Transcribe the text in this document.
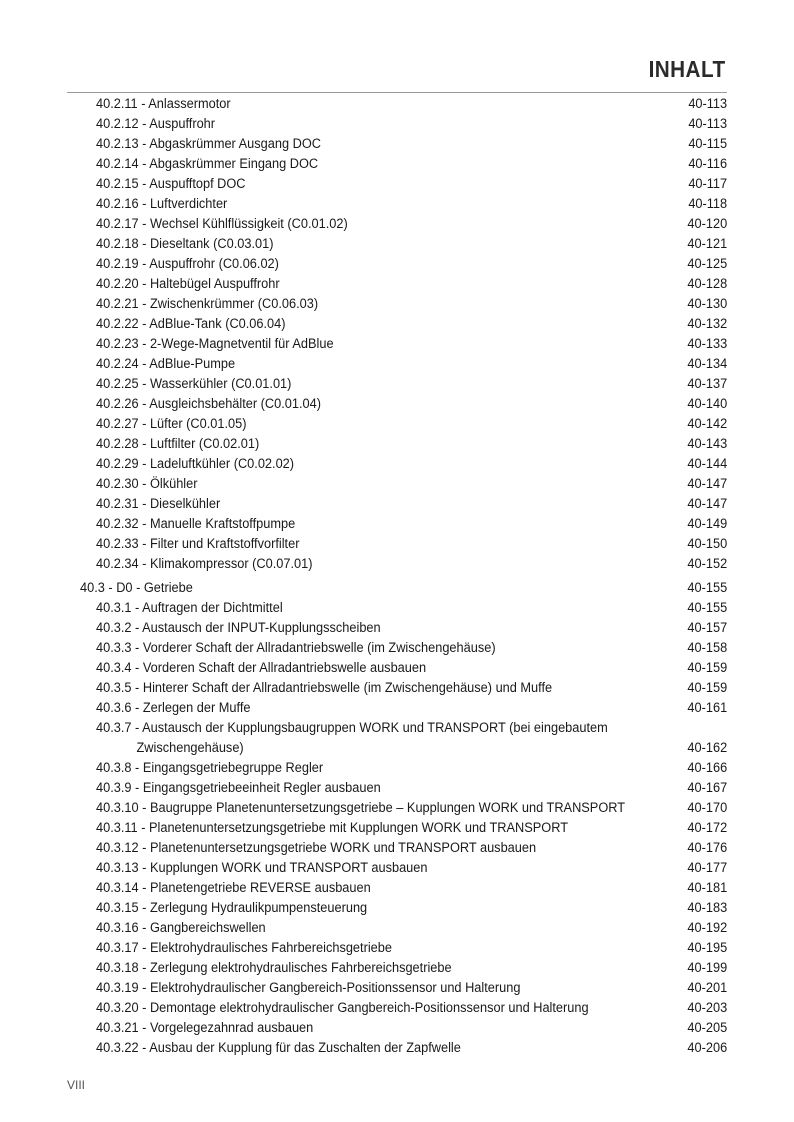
INHALT
40.2.11 - Anlassermotor	40-113
40.2.12 - Auspuffrohr	40-113
40.2.13 - Abgaskrümmer Ausgang DOC	40-115
40.2.14 - Abgaskrümmer Eingang DOC	40-116
40.2.15 - Auspufftopf DOC	40-117
40.2.16 - Luftverdichter	40-118
40.2.17 - Wechsel Kühlflüssigkeit (C0.01.02)	40-120
40.2.18 - Dieseltank (C0.03.01)	40-121
40.2.19 - Auspuffrohr (C0.06.02)	40-125
40.2.20 - Haltebügel Auspuffrohr	40-128
40.2.21 - Zwischenkrümmer (C0.06.03)	40-130
40.2.22 - AdBlue-Tank (C0.06.04)	40-132
40.2.23 - 2-Wege-Magnetventil für AdBlue	40-133
40.2.24 - AdBlue-Pumpe	40-134
40.2.25 - Wasserkühler (C0.01.01)	40-137
40.2.26 - Ausgleichsbehälter (C0.01.04)	40-140
40.2.27 - Lüfter (C0.01.05)	40-142
40.2.28 - Luftfilter (C0.02.01)	40-143
40.2.29 - Ladeluftkühler (C0.02.02)	40-144
40.2.30 - Ölkühler	40-147
40.2.31 - Dieselkühler	40-147
40.2.32 - Manuelle Kraftstoffpumpe	40-149
40.2.33 - Filter und Kraftstoffvorfilter	40-150
40.2.34 - Klimakompressor (C0.07.01)	40-152
40.3 - D0 - Getriebe	40-155
40.3.1 - Auftragen der Dichtmittel	40-155
40.3.2 - Austausch der INPUT-Kupplungsscheiben	40-157
40.3.3 - Vorderer Schaft der Allradantriebswelle (im Zwischengehäuse)	40-158
40.3.4 - Vorderen Schaft der Allradantriebswelle ausbauen	40-159
40.3.5 - Hinterer Schaft der Allradantriebswelle (im Zwischengehäuse) und Muffe	40-159
40.3.6 - Zerlegen der Muffe	40-161
40.3.7 - Austausch der Kupplungsbaugruppen WORK und TRANSPORT (bei eingebautem
Zwischengehäuse)	40-162
40.3.8 - Eingangsgetriebegruppe Regler	40-166
40.3.9 - Eingangsgetriebeeinheit Regler ausbauen	40-167
40.3.10 - Baugruppe Planetenuntersetzungsgetriebe – Kupplungen WORK und TRANSPORT	40-170
40.3.11 - Planetenuntersetzungsgetriebe mit Kupplungen WORK und TRANSPORT	40-172
40.3.12 - Planetenuntersetzungsgetriebe WORK und TRANSPORT ausbauen	40-176
40.3.13 - Kupplungen WORK und TRANSPORT ausbauen	40-177
40.3.14 - Planetengetriebe REVERSE ausbauen	40-181
40.3.15 - Zerlegung Hydraulikpumpensteuerung	40-183
40.3.16 - Gangbereichswellen	40-192
40.3.17 - Elektrohydraulisches Fahrbereichsgetriebe	40-195
40.3.18 - Zerlegung elektrohydraulisches Fahrbereichsgetriebe	40-199
40.3.19 - Elektrohydraulischer Gangbereich-Positionssensor und Halterung	40-201
40.3.20 - Demontage elektrohydraulischer Gangbereich-Positionssensor und Halterung	40-203
40.3.21 - Vorgelegezahnrad ausbauen	40-205
40.3.22 - Ausbau der Kupplung für das Zuschalten der Zapfwelle	40-206
VIII
